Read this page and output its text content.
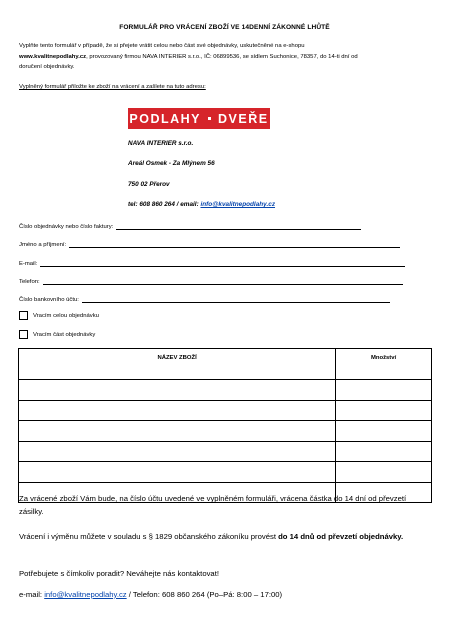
FORMULÁŘ PRO VRÁCENÍ ZBOŽÍ VE 14DENNÍ ZÁKONNÉ LHŮTĚ
Vyplňte tento formulář v případě, že si přejete vrátit celou nebo část své objednávky, uskutečněné na e-shopu
www.kvalitnepodlahy.cz, provozovaný firmou NAVA INTERIER s.r.o., IČ: 06899536, se sídlem Suchonice, 78357, do 14-ti dní od
doručení objednávky.
Vyplněný formulář přiložte ke zboží na vrácení a zašlete na tuto adresu:
PODLAHY DVEŘE
NAVA INTERIER s.r.o.
Areál Osmek - Za Mlýnem 56
750 02 Přerov
tel: 608 860 264 / email: info@kvalitnepodlahy.cz
Číslo objednávky nebo číslo faktury:
Jméno a příjmení:
E-mail:
Telefon:
Číslo bankovního účtu:
Vracím celou objednávku
Vracím část objednávky
NÁZEV ZBOŽÍ	Množství

Za vrácené zboží Vám bude, na číslo účtu uvedené ve vyplněném formuláři, vrácena částka do 14 dní od převzetí zásilky.
Vrácení i výměnu můžete v souladu s § 1829 občanského zákoníku provést do 14 dnů od převzetí objednávky.
Potřebujete s čímkoliv poradit? Neváhejte nás kontaktovat!
e-mail: info@kvalitnepodlahy.cz / Telefon: 608 860 264 (Po–Pá: 8:00 – 17:00)
